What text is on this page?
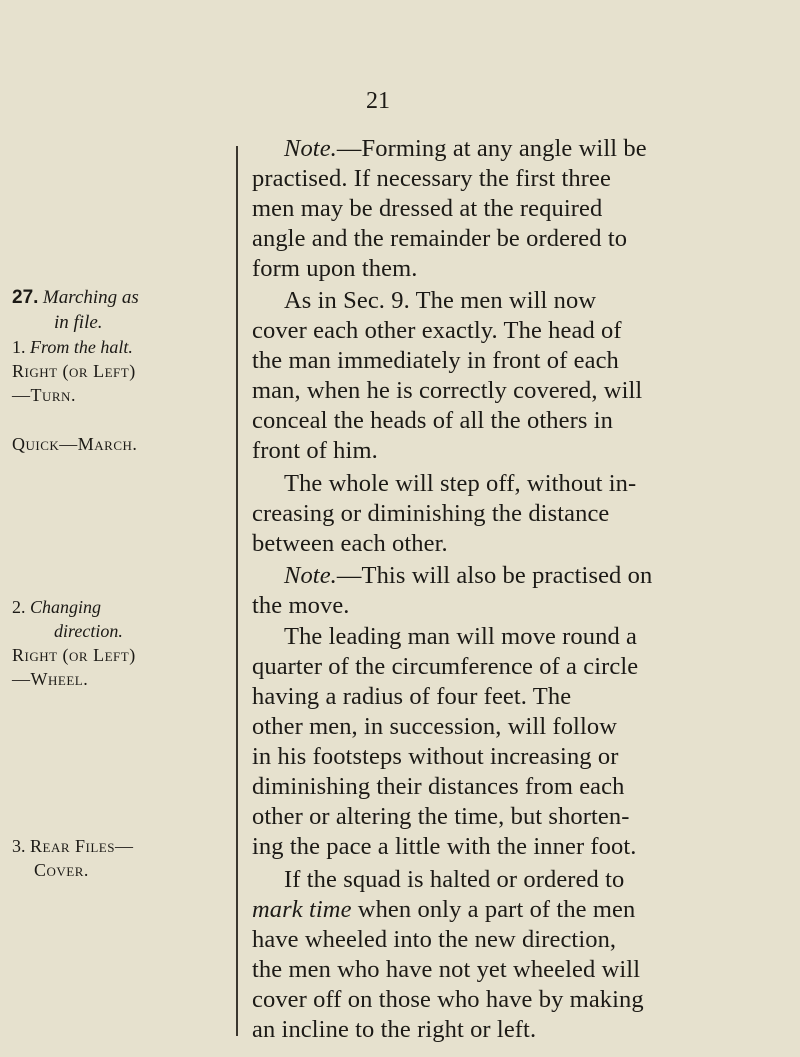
21
27. Marching as
in file.
1. From the halt.
Right (or Left)
—Turn.
Quick—March.
2. Changing
direction.
Right (or Left)
—Wheel.
3. Rear Files—
Cover.

Note.—Forming at any angle will be
practised. If necessary the first three
men may be dressed at the required
angle and the remainder be ordered to
form upon them.

As in Sec. 9. The men will now
cover each other exactly. The head of
the man immediately in front of each
man, when he is correctly covered, will
conceal the heads of all the others in
front of him.

The whole will step off, without in-
creasing or diminishing the distance
between each other.

Note.—This will also be practised on
the move.

The leading man will move round a
quarter of the circumference of a circle
having a radius of four feet. The
other men, in succession, will follow
in his footsteps without increasing or
diminishing their distances from each
other or altering the time, but shorten-
ing the pace a little with the inner foot.

If the squad is halted or ordered to
mark time when only a part of the men
have wheeled into the new direction,
the men who have not yet wheeled will
cover off on those who have by making
an incline to the right or left.
